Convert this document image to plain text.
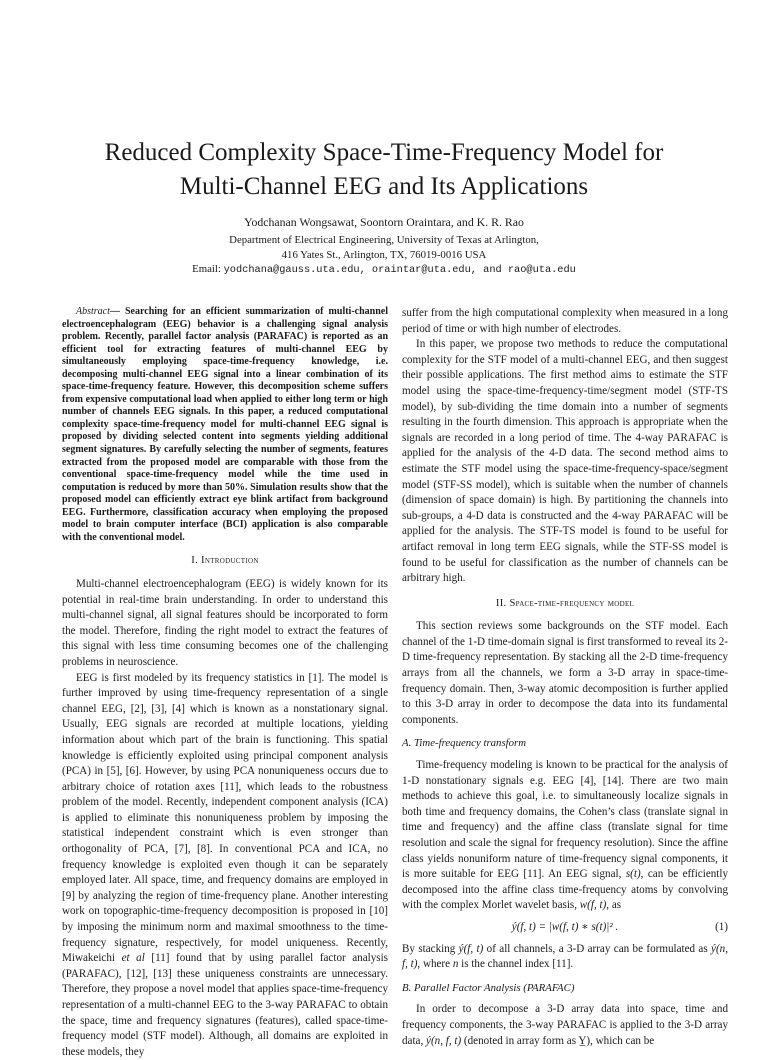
Reduced Complexity Space-Time-Frequency Model for
Multi-Channel EEG and Its Applications
Yodchanan Wongsawat, Soontorn Oraintara, and K. R. Rao
Department of Electrical Engineering, University of Texas at Arlington,
416 Yates St., Arlington, TX, 76019-0016 USA
Email: yodchana@gauss.uta.edu, oraintar@uta.edu, and rao@uta.edu

Abstract— Searching for an efficient summarization of multi-channel electroencephalogram (EEG) behavior is a challenging signal analysis problem. Recently, parallel factor analysis (PARAFAC) is reported as an efficient tool for extracting features of multi-channel EEG by simultaneously employing space-time-frequency knowledge, i.e. decomposing multi-channel EEG signal into a linear combination of its space-time-frequency feature. However, this decomposition scheme suffers from expensive computational load when applied to either long term or high number of channels EEG signals. In this paper, a reduced computational complexity space-time-frequency model for multi-channel EEG signal is proposed by dividing selected content into segments yielding additional segment signatures. By carefully selecting the number of segments, features extracted from the proposed model are comparable with those from the conventional space-time-frequency model while the time used in computation is reduced by more than 50%. Simulation results show that the proposed model can efficiently extract eye blink artifact from background EEG. Furthermore, classification accuracy when employing the proposed model to brain computer interface (BCI) application is also comparable with the conventional model.

I. Introduction

Multi-channel electroencephalogram (EEG) is widely known for its potential in real-time brain understanding. In order to understand this multi-channel signal, all signal features should be incorporated to form the model. Therefore, finding the right model to extract the features of this signal with less time consuming becomes one of the challenging problems in neuroscience.

EEG is first modeled by its frequency statistics in [1]. The model is further improved by using time-frequency representation of a single channel EEG, [2], [3], [4] which is known as a nonstationary signal. Usually, EEG signals are recorded at multiple locations, yielding information about which part of the brain is functioning. This spatial knowledge is efficiently exploited using principal component analysis (PCA) in [5], [6]. However, by using PCA nonuniqueness occurs due to arbitrary choice of rotation axes [11], which leads to the robustness problem of the model. Recently, independent component analysis (ICA) is applied to eliminate this nonuniqueness problem by imposing the statistical independent constraint which is even stronger than orthogonality of PCA, [7], [8]. In conventional PCA and ICA, no frequency knowledge is exploited even though it can be separately employed later. All space, time, and frequency domains are employed in [9] by analyzing the region of time-frequency plane. Another interesting work on topographic-time-frequency decomposition is proposed in [10] by imposing the minimum norm and maximal smoothness to the time-frequency signature, respectively, for model uniqueness. Recently, Miwakeichi et al [11] found that by using parallel factor analysis (PARAFAC), [12], [13] these uniqueness constraints are unnecessary. Therefore, they propose a novel model that applies space-time-frequency representation of a multi-channel EEG to the 3-way PARAFAC to obtain the space, time and frequency signatures (features), called space-time-frequency model (STF model). Although, all domains are exploited in these models, they

suffer from the high computational complexity when measured in a long period of time or with high number of electrodes.

In this paper, we propose two methods to reduce the computational complexity for the STF model of a multi-channel EEG, and then suggest their possible applications. The first method aims to estimate the STF model using the space-time-frequency-time/segment model (STF-TS model), by sub-dividing the time domain into a number of segments resulting in the fourth dimension. This approach is appropriate when the signals are recorded in a long period of time. The 4-way PARAFAC is applied for the analysis of the 4-D data. The second method aims to estimate the STF model using the space-time-frequency-space/segment model (STF-SS model), which is suitable when the number of channels (dimension of space domain) is high. By partitioning the channels into sub-groups, a 4-D data is constructed and the 4-way PARAFAC will be applied for the analysis. The STF-TS model is found to be useful for artifact removal in long term EEG signals, while the STF-SS model is found to be useful for classification as the number of channels can be arbitrary high.

II. Space-time-frequency model

This section reviews some backgrounds on the STF model. Each channel of the 1-D time-domain signal is first transformed to reveal its 2-D time-frequency representation. By stacking all the 2-D time-frequency arrays from all the channels, we form a 3-D array in space-time-frequency domain. Then, 3-way atomic decomposition is further applied to this 3-D array in order to decompose the data into its fundamental components.

A. Time-frequency transform

Time-frequency modeling is known to be practical for the analysis of 1-D nonstationary signals e.g. EEG [4], [14]. There are two main methods to achieve this goal, i.e. to simultaneously localize signals in both time and frequency domains, the Cohen’s class (translate signal in time and frequency) and the affine class (translate signal for time resolution and scale the signal for frequency resolution). Since the affine class yields nonuniform nature of time-frequency signal components, it is more suitable for EEG [11]. An EEG signal, s(t), can be efficiently decomposed into the affine class time-frequency atoms by convolving with the complex Morlet wavelet basis, w(f, t), as

ý(f, t) = |w(f, t) ∗ s(t)|² .	(1)

By stacking ý(f, t) of all channels, a 3-D array can be formulated as ý(n, f, t), where n is the channel index [11].

B. Parallel Factor Analysis (PARAFAC)

In order to decompose a 3-D array data into space, time and frequency components, the 3-way PARAFAC is applied to the 3-D array data, ý(n, f, t) (denoted in array form as Y̲), which can be
